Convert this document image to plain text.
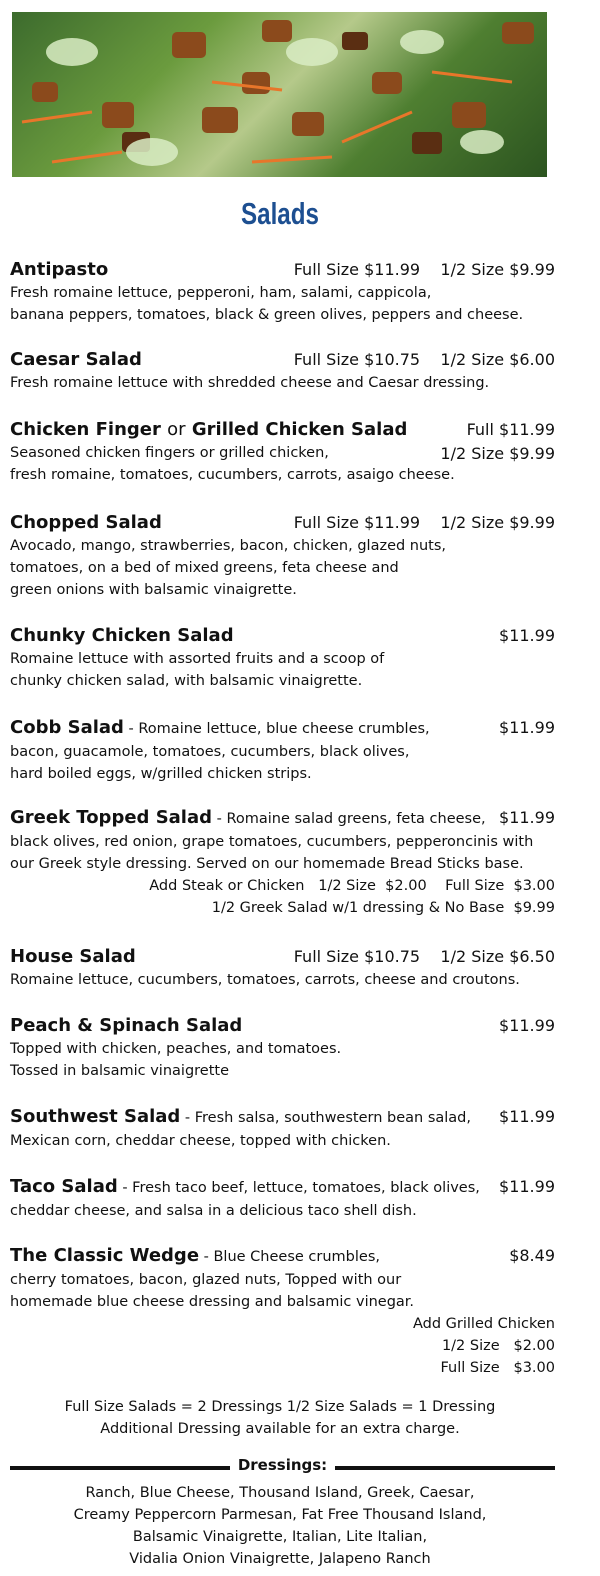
Salads
Antipasto	Full Size $11.99    1/2 Size $9.99
Fresh romaine lettuce, pepperoni, ham, salami, cappicola,
banana peppers, tomatoes, black & green olives, peppers and cheese.
Caesar Salad	Full Size $10.75    1/2 Size $6.00
Fresh romaine lettuce with shredded cheese and Caesar dressing.
Chicken Finger or Grilled Chicken Salad	Full $11.99
1/2 Size $9.99
Seasoned chicken fingers or grilled chicken,
fresh romaine, tomatoes, cucumbers, carrots, asaigo cheese.
Chopped Salad	Full Size $11.99    1/2 Size $9.99
Avocado, mango, strawberries, bacon, chicken, glazed nuts,
tomatoes, on a bed of mixed greens, feta cheese and
green onions with balsamic vinaigrette.
Chunky Chicken Salad	$11.99
Romaine lettuce with assorted fruits and a scoop of
chunky chicken salad, with balsamic vinaigrette.
Cobb Salad - Romaine lettuce, blue cheese crumbles,	$11.99
bacon, guacamole, tomatoes, cucumbers, black olives,
hard boiled eggs, w/grilled chicken strips.
Greek Topped Salad - Romaine salad greens, feta cheese, $11.99
black olives, red onion, grape tomatoes, cucumbers, pepperoncinis with
our Greek style dressing. Served on our homemade Bread Sticks base.
Add Steak or Chicken   1/2 Size  $2.00    Full Size  $3.00
1/2 Greek Salad w/1 dressing & No Base  $9.99
House Salad	Full Size $10.75    1/2 Size $6.50
Romaine lettuce, cucumbers, tomatoes, carrots, cheese and croutons.
Peach & Spinach Salad	$11.99
Topped with chicken, peaches, and tomatoes.
Tossed in balsamic vinaigrette
Southwest Salad - Fresh salsa, southwestern bean salad,	$11.99
Mexican corn, cheddar cheese, topped with chicken.
Taco Salad - Fresh taco beef, lettuce, tomatoes, black olives,	$11.99
cheddar cheese, and salsa in a delicious taco shell dish.
The Classic Wedge - Blue Cheese crumbles,	$8.49
cherry tomatoes, bacon, glazed nuts, Topped with our
homemade blue cheese dressing and balsamic vinegar.
Add Grilled Chicken
1/2 Size   $2.00
Full Size   $3.00
Full Size Salads = 2 Dressings 1/2 Size Salads = 1 Dressing
Additional Dressing available for an extra charge.
Dressings:
Ranch, Blue Cheese, Thousand Island, Greek, Caesar,
Creamy Peppercorn Parmesan, Fat Free Thousand Island,
Balsamic Vinaigrette, Italian, Lite Italian,
Vidalia Onion Vinaigrette, Jalapeno Ranch
